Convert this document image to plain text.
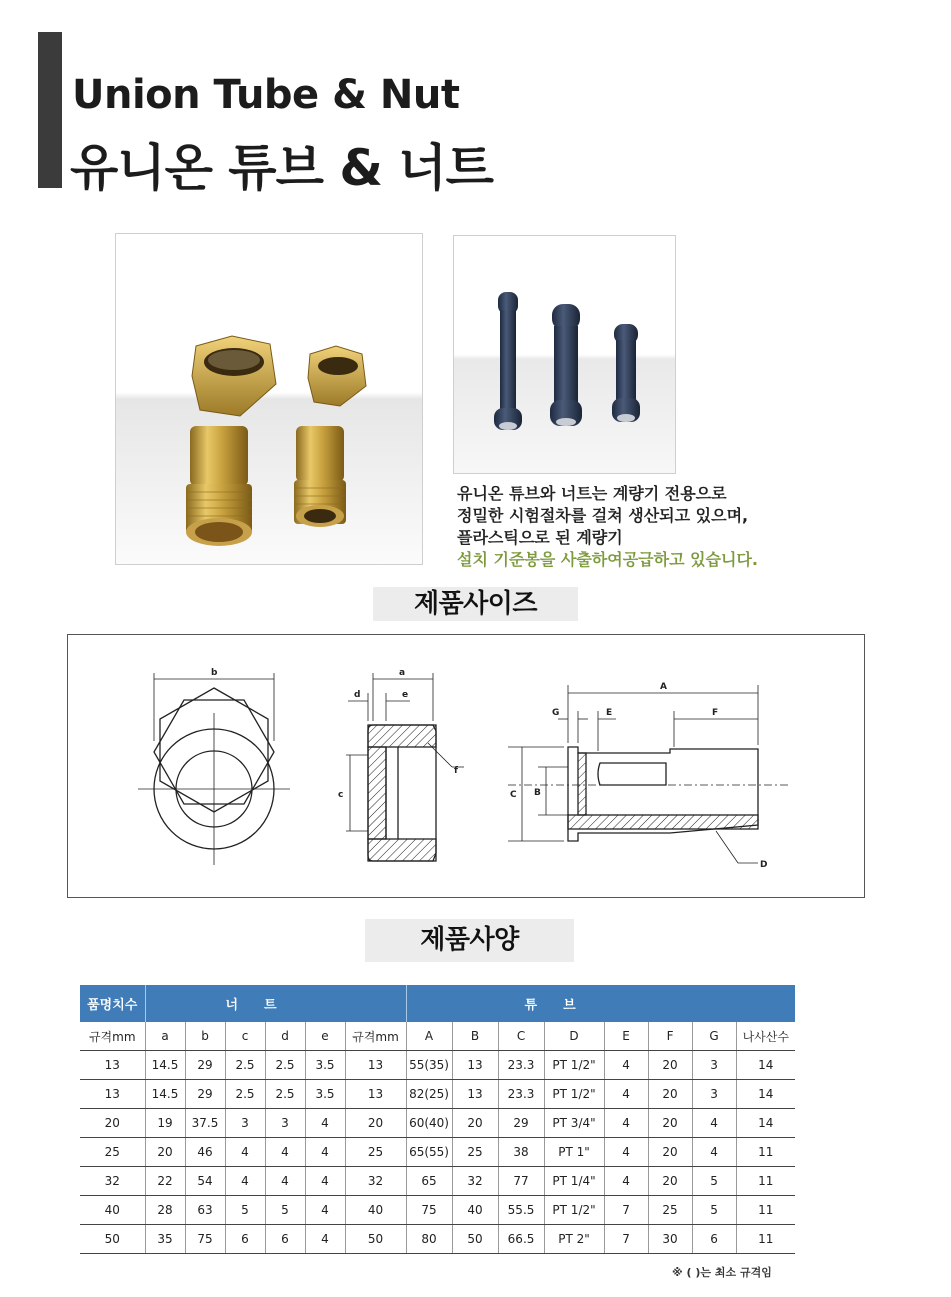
Union Tube & Nut
유니온 튜브 & 너트
유니온 튜브와 너트는 계량기 전용으로
정밀한 시험절차를 걸쳐 생산되고 있으며,
플라스틱으로 된 계량기
설치 기준봉을 사출하여공급하고 있습니다.
제품사이즈
b	a
d	e
f
c
A
G	E	F
C B
D
제품사양
품명치수	너　　트						튜　　브							
규격mm	a	b	c	d	e	규격mm	A	B	C	D	E	F	G	나사산수
13	14.5	29	2.5	2.5	3.5	13	55(35)	13	23.3	PT 1/2"	4	20	3	14
13	14.5	29	2.5	2.5	3.5	13	82(25)	13	23.3	PT 1/2"	4	20	3	14
20	19	37.5	3	3	4	20	60(40)	20	29	PT 3/4"	4	20	4	14
25	20	46	4	4	4	25	65(55)	25	38	PT 1"	4	20	4	11
32	22	54	4	4	4	32	65	32	77	PT 1/4"	4	20	5	11
40	28	63	5	5	4	40	75	40	55.5	PT 1/2"	7	25	5	11
50	35	75	6	6	4	50	80	50	66.5	PT 2"	7	30	6	11
※ ( )는 최소 규격임
